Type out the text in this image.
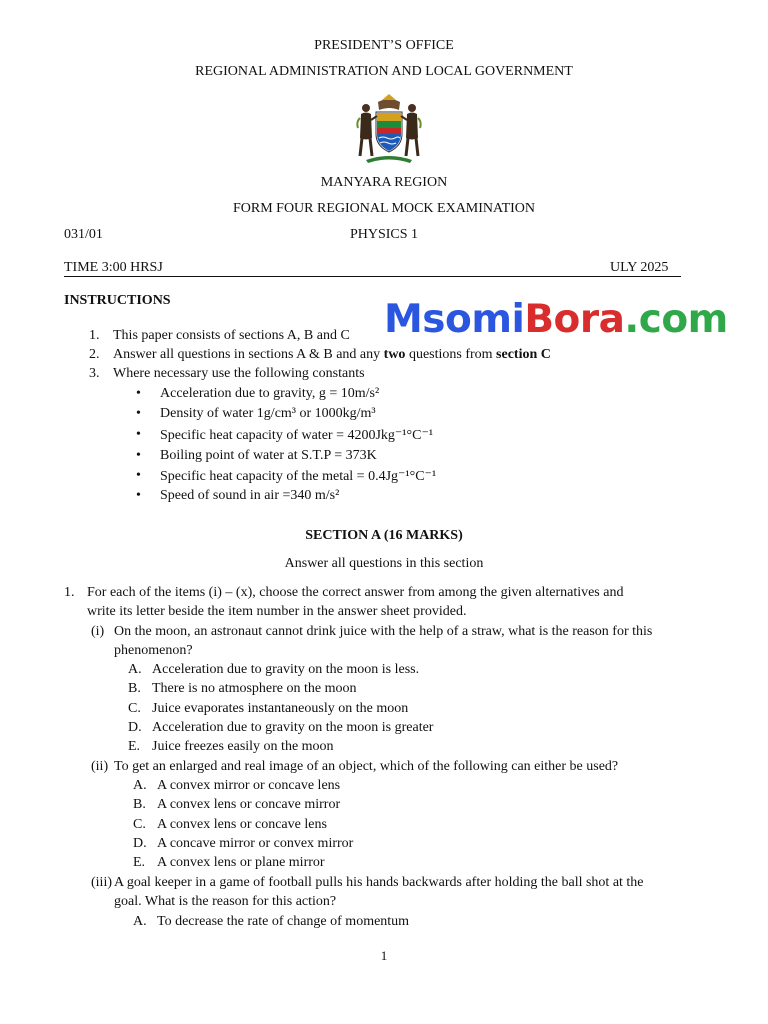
PRESIDENT’S OFFICE
REGIONAL ADMINISTRATION AND LOCAL GOVERNMENT
MANYARA REGION
FORM FOUR REGIONAL MOCK EXAMINATION
031/01	PHYSICS 1
TIME 3:00 HRSJ	ULY 2025
INSTRUCTIONS	MsomiBora.com
1. This paper consists of sections A, B and C
2. Answer all questions in sections A & B and any two questions from section C
3. Where necessary use the following constants
• Acceleration due to gravity, g = 10m/s²
• Density of water 1g/cm³ or 1000kg/m³
• Specific heat capacity of water = 4200Jkg⁻¹°C⁻¹
• Boiling point of water at S.T.P = 373K
• Specific heat capacity of the metal = 0.4Jg⁻¹°C⁻¹
• Speed of sound in air =340 m/s²
SECTION A (16 MARKS)
Answer all questions in this section
1. For each of the items (i) – (x), choose the correct answer from among the given alternatives and
write its letter beside the item number in the answer sheet provided.
(i) On the moon, an astronaut cannot drink juice with the help of a straw, what is the reason for this
phenomenon?
A. Acceleration due to gravity on the moon is less.
B. There is no atmosphere on the moon
C. Juice evaporates instantaneously on the moon
D. Acceleration due to gravity on the moon is greater
E. Juice freezes easily on the moon
(ii) To get an enlarged and real image of an object, which of the following can either be used?
A. A convex mirror or concave lens
B. A convex lens or concave mirror
C. A convex lens or concave lens
D. A concave mirror or convex mirror
E. A convex lens or plane mirror
(iii) A goal keeper in a game of football pulls his hands backwards after holding the ball shot at the
goal. What is the reason for this action?
A. To decrease the rate of change of momentum
1
